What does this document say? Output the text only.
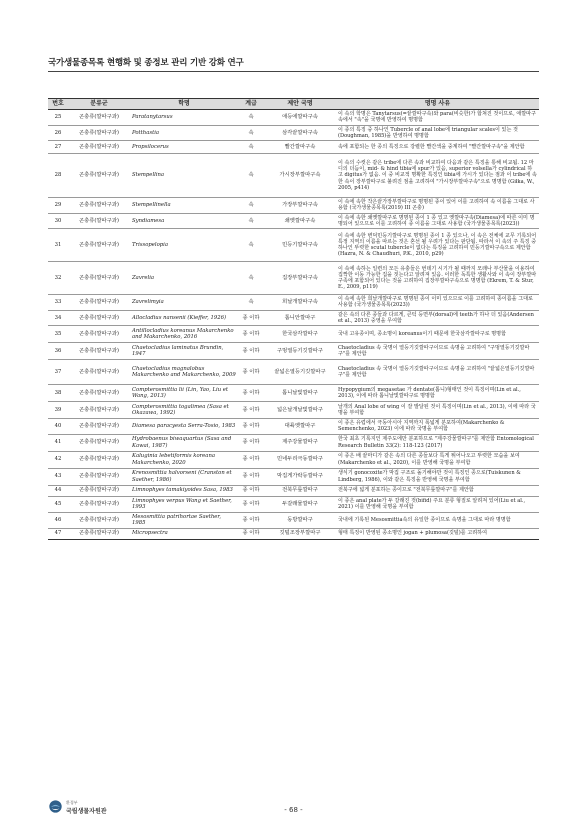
국가생물종목록 현행화 및 종정보 관리 기반 강화 연구
번호	분류군	학명	계급	제안 국명	명명 사유
25	곤충류(깔따구과)	Paratanytarsus	속	애등에깔따구속	이 속의 학명은 Tanytarsus(=끝깔따구속)와 para(비슷한)가 합쳐진 것이므로, 애깔따구속에서 "속"을 국명에 반영하여 명명함
26	곤충류(깔따구과)	Potthastia	속	삼각끝깔따구속	이 종의 특징 중 하나인 Tubercle of anal lobe에 triangular scales이 있는 것(Doughman, 1985)을 반영하여 명명함
27	곤충류(깔따구과)	Propsilocerus	속	빨간깔따구속	속에 포함되는 한 종의 특징으로 강렬한 빨간색을 중계하여 "빨간깔따구속"을 제안함
28	곤충류(깔따구과)	Stempellina	속	가시장부깔따구속	이 속의 수컷은 같은 tribe에 다른 속과 비교하여 다음과 같은 특징을 통해 비교됨. 12 마디의 더듬이, mid- & hind tibia에 spur가 있음, superior volsella가 cylindrical 하고 digitus가 없음. 이 중 비교적 명확한 특징인 tibia에 가시가 있다는 점과 이 tribe에 속한 속이 장부깔따구로 불려진 점을 고려하여 "가시장부깔따구속"으로 명명함 (Giłka, W., 2005, p414)
29	곤충류(깔따구과)	Stempellinella	속	가장부깔따구속	이 속에 속한 작은끝가장부깔따구로 명명된 종이 있어 이를 고려하여 속 이름을 그대로 사용함 (국가생물종목록(2019) III 곤충)
30	곤충류(깔따구과)	Syndiamesa	속	쇄옛깔따구속	이 속에 속한 쇄옛깔따구로 명명된 종이 1 종 있고 옛깔따구속(Diamesa)에 따른 이미 명명되어 있으므로 이를 고려하여 종 이름을 그대로 사용함 (국가생물종목록(2023))
31	곤충류(깔따구과)	Trissopelopia	속	민등기깔따구속	이 속에 속한 변덕민등기깔따구로 명명된 종이 1 종 있으나, 이 속은 전체에 교무 기록되어 특정 지역의 이름을 따르는 것은 혼선 될 우려가 있다는 판단됨. 따라서 이 속의 주 특징 중 하나인 뚜렷한 scutal tubercle이 없다는 특징을 고려하여 민등기깔따구속으로 제안함 (Hazra, N. & Chaudhuri, P.K., 2010, p29)
32	곤충류(깔따구과)	Zavrelia	속	집장부깔따구속	이 속에 속하는 일련의 모든 유충들은 번데기 시기가 될 때까지 모래나 부산물을 이용하여 집짝한 이동 가능한 집을 짓는다고 알려져 있음. 이러한 독특한 생활사와 이 속이 장부깔따구족에 포함되어 있다는 것을 고려하여 집장부깔따구속으로 명명함 (Ekrem, T. & Stur, E., 2009, p119)
33	곤충류(깔따구과)	Zavrelimyia	속	희날개깔따구속	이 속에 속한 희날개깔따구로 명명된 종이 이미 있으므로 이를 고려하여 종이름을 그대로 사용함 (국가생물종목록(2023))
34	곤충류(깔따구과)	Allocladius nansenii (Kieffer, 1926)	종 이하	톱니안깔따구	같은 속의 다른 종들과 다르게, 큰턱 등면부(dorsal)에 teeth가 하나 더 있음(Andersen et al., 2013) 중영을 무여함
35	곤충류(깔따구과)	Antillocladius koreanus Makarchenko and Makarchenko, 2016	종 이하	한국삼각깔따구	국내 고유종이며, 종소명이 koreanus이기 때문에 한국삼각깔따구로 명명함
36	곤충류(깔따구과)	Chaetocladius laminatus Brundin, 1947	종 이하	구멍열등기깃깔따구	Chaetocladius 속 국명이 열등기깃깔따구이므로 속명을 고려하여 "구멍열등기깃깔따구"를 제안함
37	곤충류(깔따구과)	Chaetocladius magnalobus Makarchenko and Makarchenko, 2009	종 이하	끝넓은열등기깃깔따구	Chaetocladius 속 국명이 열등기깃깔따구이므로 속명을 고려하여 "끝넓은열등기깃깔따구"를 제안함
38	곤충류(깔따구과)	Compterosmittia lii (Lin, Yao, Liu et Wang, 2013)	종 이하	톱니날빛깔따구	Hypopygium의 megasetae 가 dentate(톱니)형태인 것이 특징이며(Lin et al., 2013), 이에 따라 톱니날빛깔따구로 명명함
39	곤충류(깔따구과)	Compterosmittia togalimea (Sasa et Okazawa, 1992)	종 이하	넓은날개날빛깔따구	날개의 Anal lobe of wing 이 잘 발달된 것이 특징이며(Lin et al., 2013), 이에 따라 국명을 부여함
40	곤충류(깔따구과)	Diamesa paracyesta Serra-Tosio, 1983	종 이하	대륙옛깔따구	이 종은 유럽에서 극동아시아 지역까지 폭넓게 분포하여(Makarchenko & Semenchenko, 2023) 이에 따라 국명을 부여함
41	곤충류(깔따구과)	Hydrobaenus biwaquartus (Sasa and Kawai, 1987)	종 이하	제주강물깔따구	한국 최초 기록지인 제주도에만 분포하므로 "제주강물깔따구"를 제안함 Entomological Research Bulletin 33(2): 118-123 (2017)
42	곤충류(깔따구과)	Kaluginia lebetiformis koreana Makarchenko, 2020	종 이하	민네두리극동깔따구	이 종은 배 끝마디가 같은 속의 다른 종들보다 특게 튀어나오고 뚜렷한 모습을 보여(Makarchenko et al., 2020), 이를 반영해 국명을 부여함
43	곤충류(깔따구과)	Krenosmittia halvorseni (Cranston et Saether, 1986)	종 이하	막집게가락등깔따구	생식기 gonocoxite가 막집 구조로 돌기해야만 것이 특징인 종으로(Tuiskunen & Lindberg, 1986), 이와 같은 특징을 반영해 국명을 부여함
44	곤충류(깔따구과)	Limnophyes tamakiyoides Sasa, 1983	종 이하	전북무릎깔따구	전북구에 넓게 분포하는 종이므로 "전북무릎깔따구"를 제안함
45	곤충류(깔따구과)	Limnophyes verpus Wang et Saether, 1993	종 이하	두갈래물깔따구	이 종은 anal plate가 두 갈래진 것(bifid) 주요 분류 형질로 알려져 있어(Liu et al., 2021) 이를 반영해 국명을 부여함
46	곤충류(깔따구과)	Mesosmittia patrihortae Saether, 1985	종 이하	동방깔따구	국내에 기록된 Mesosmittia속의 유일한 종이므로 속명을 그대로 따라 명명함
47	곤충류(깔따구과)	Micropsectra	종 이하	깃털조장부깔따구	형태 특징이 반영된 종소명인 jogan + plumosa(깃털)를 고려하여
환경부
국립생물자원관	- 68 -
